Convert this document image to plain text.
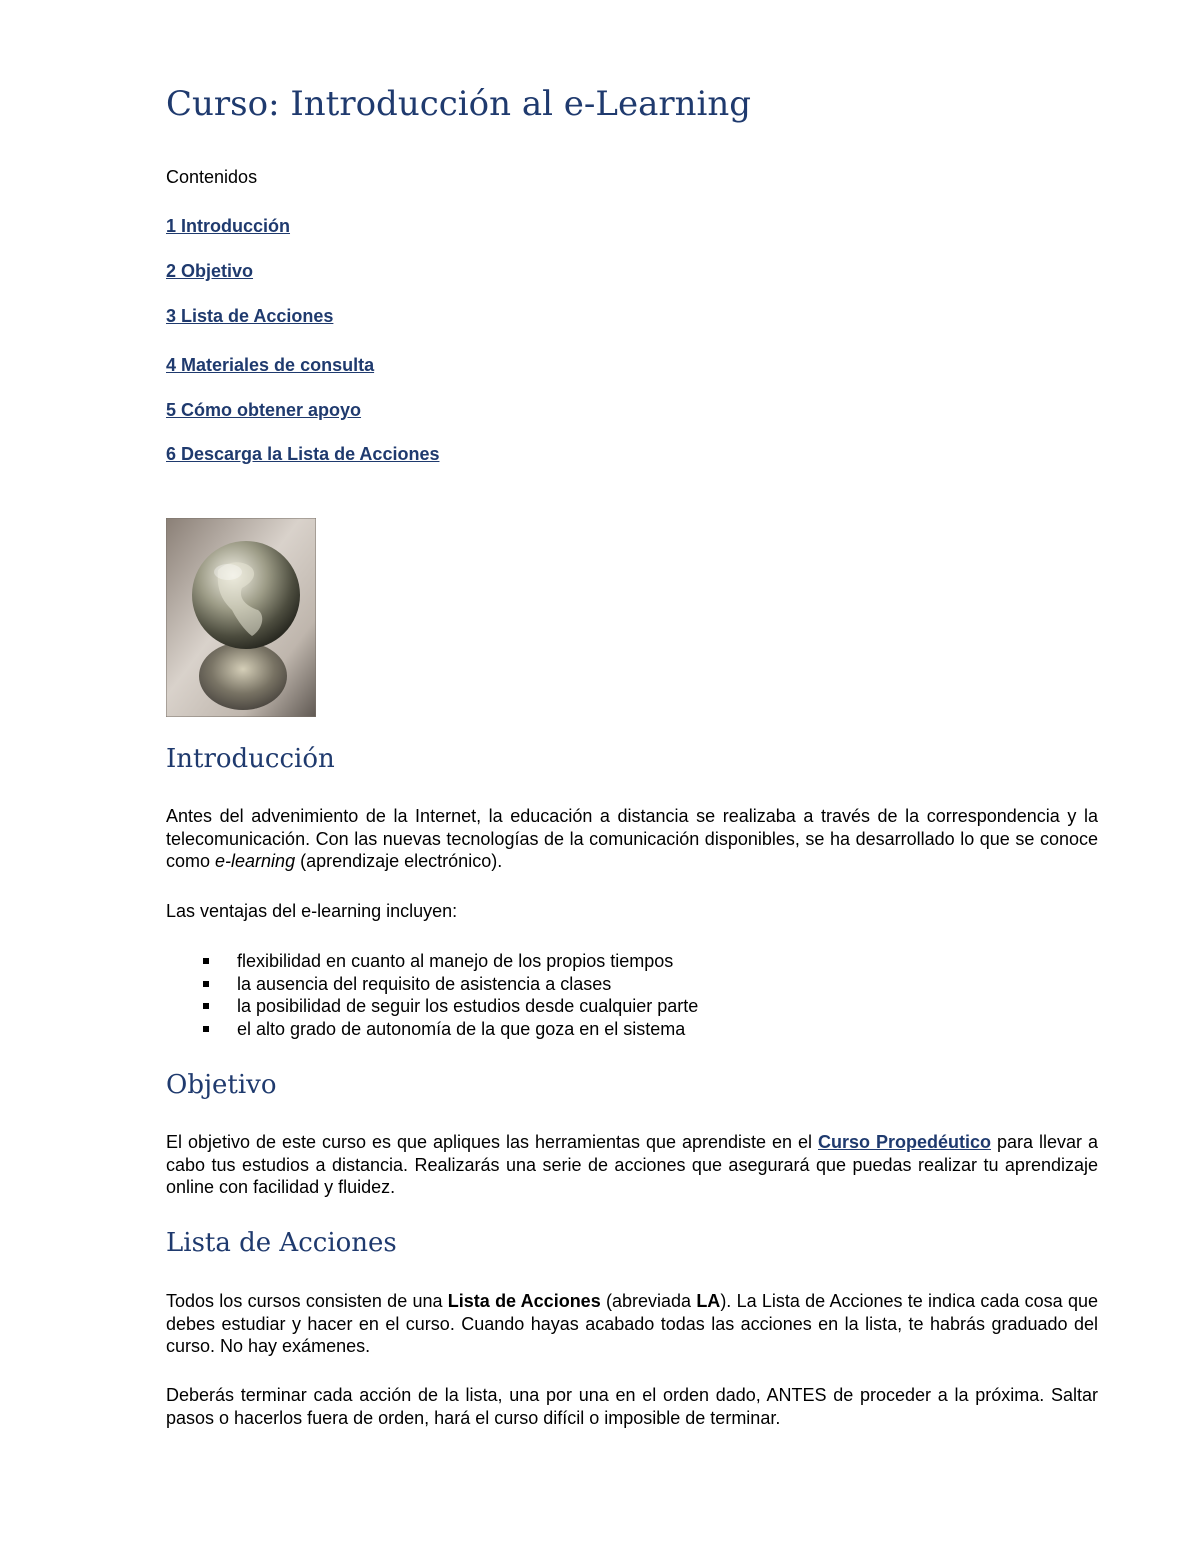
Curso: Introducción al e-Learning

Contenidos

1 Introducción
2 Objetivo
3 Lista de Acciones
4 Materiales de consulta
5 Cómo obtener apoyo
6 Descarga la Lista de Acciones
Introducción

Antes del advenimiento de la Internet, la educación a distancia se realizaba a través de la correspondencia y la telecomunicación. Con las nuevas tecnologías de la comunicación disponibles, se ha desarrollado lo que se conoce como e-learning (aprendizaje electrónico).

Las ventajas del e-learning incluyen:

flexibilidad en cuanto al manejo de los propios tiempos
la ausencia del requisito de asistencia a clases
la posibilidad de seguir los estudios desde cualquier parte
el alto grado de autonomía de la que goza en el sistema
Objetivo

El objetivo de este curso es que apliques las herramientas que aprendiste en el Curso Propedéutico para llevar a cabo tus estudios a distancia. Realizarás una serie de acciones que asegurará que puedas realizar tu aprendizaje online con facilidad y fluidez.

Lista de Acciones

Todos los cursos consisten de una Lista de Acciones (abreviada LA). La Lista de Acciones te indica cada cosa que debes estudiar y hacer en el curso. Cuando hayas acabado todas las acciones en la lista, te habrás graduado del curso. No hay exámenes.

Deberás terminar cada acción de la lista, una por una en el orden dado, ANTES de proceder a la próxima. Saltar pasos o hacerlos fuera de orden, hará el curso difícil o imposible de terminar.
